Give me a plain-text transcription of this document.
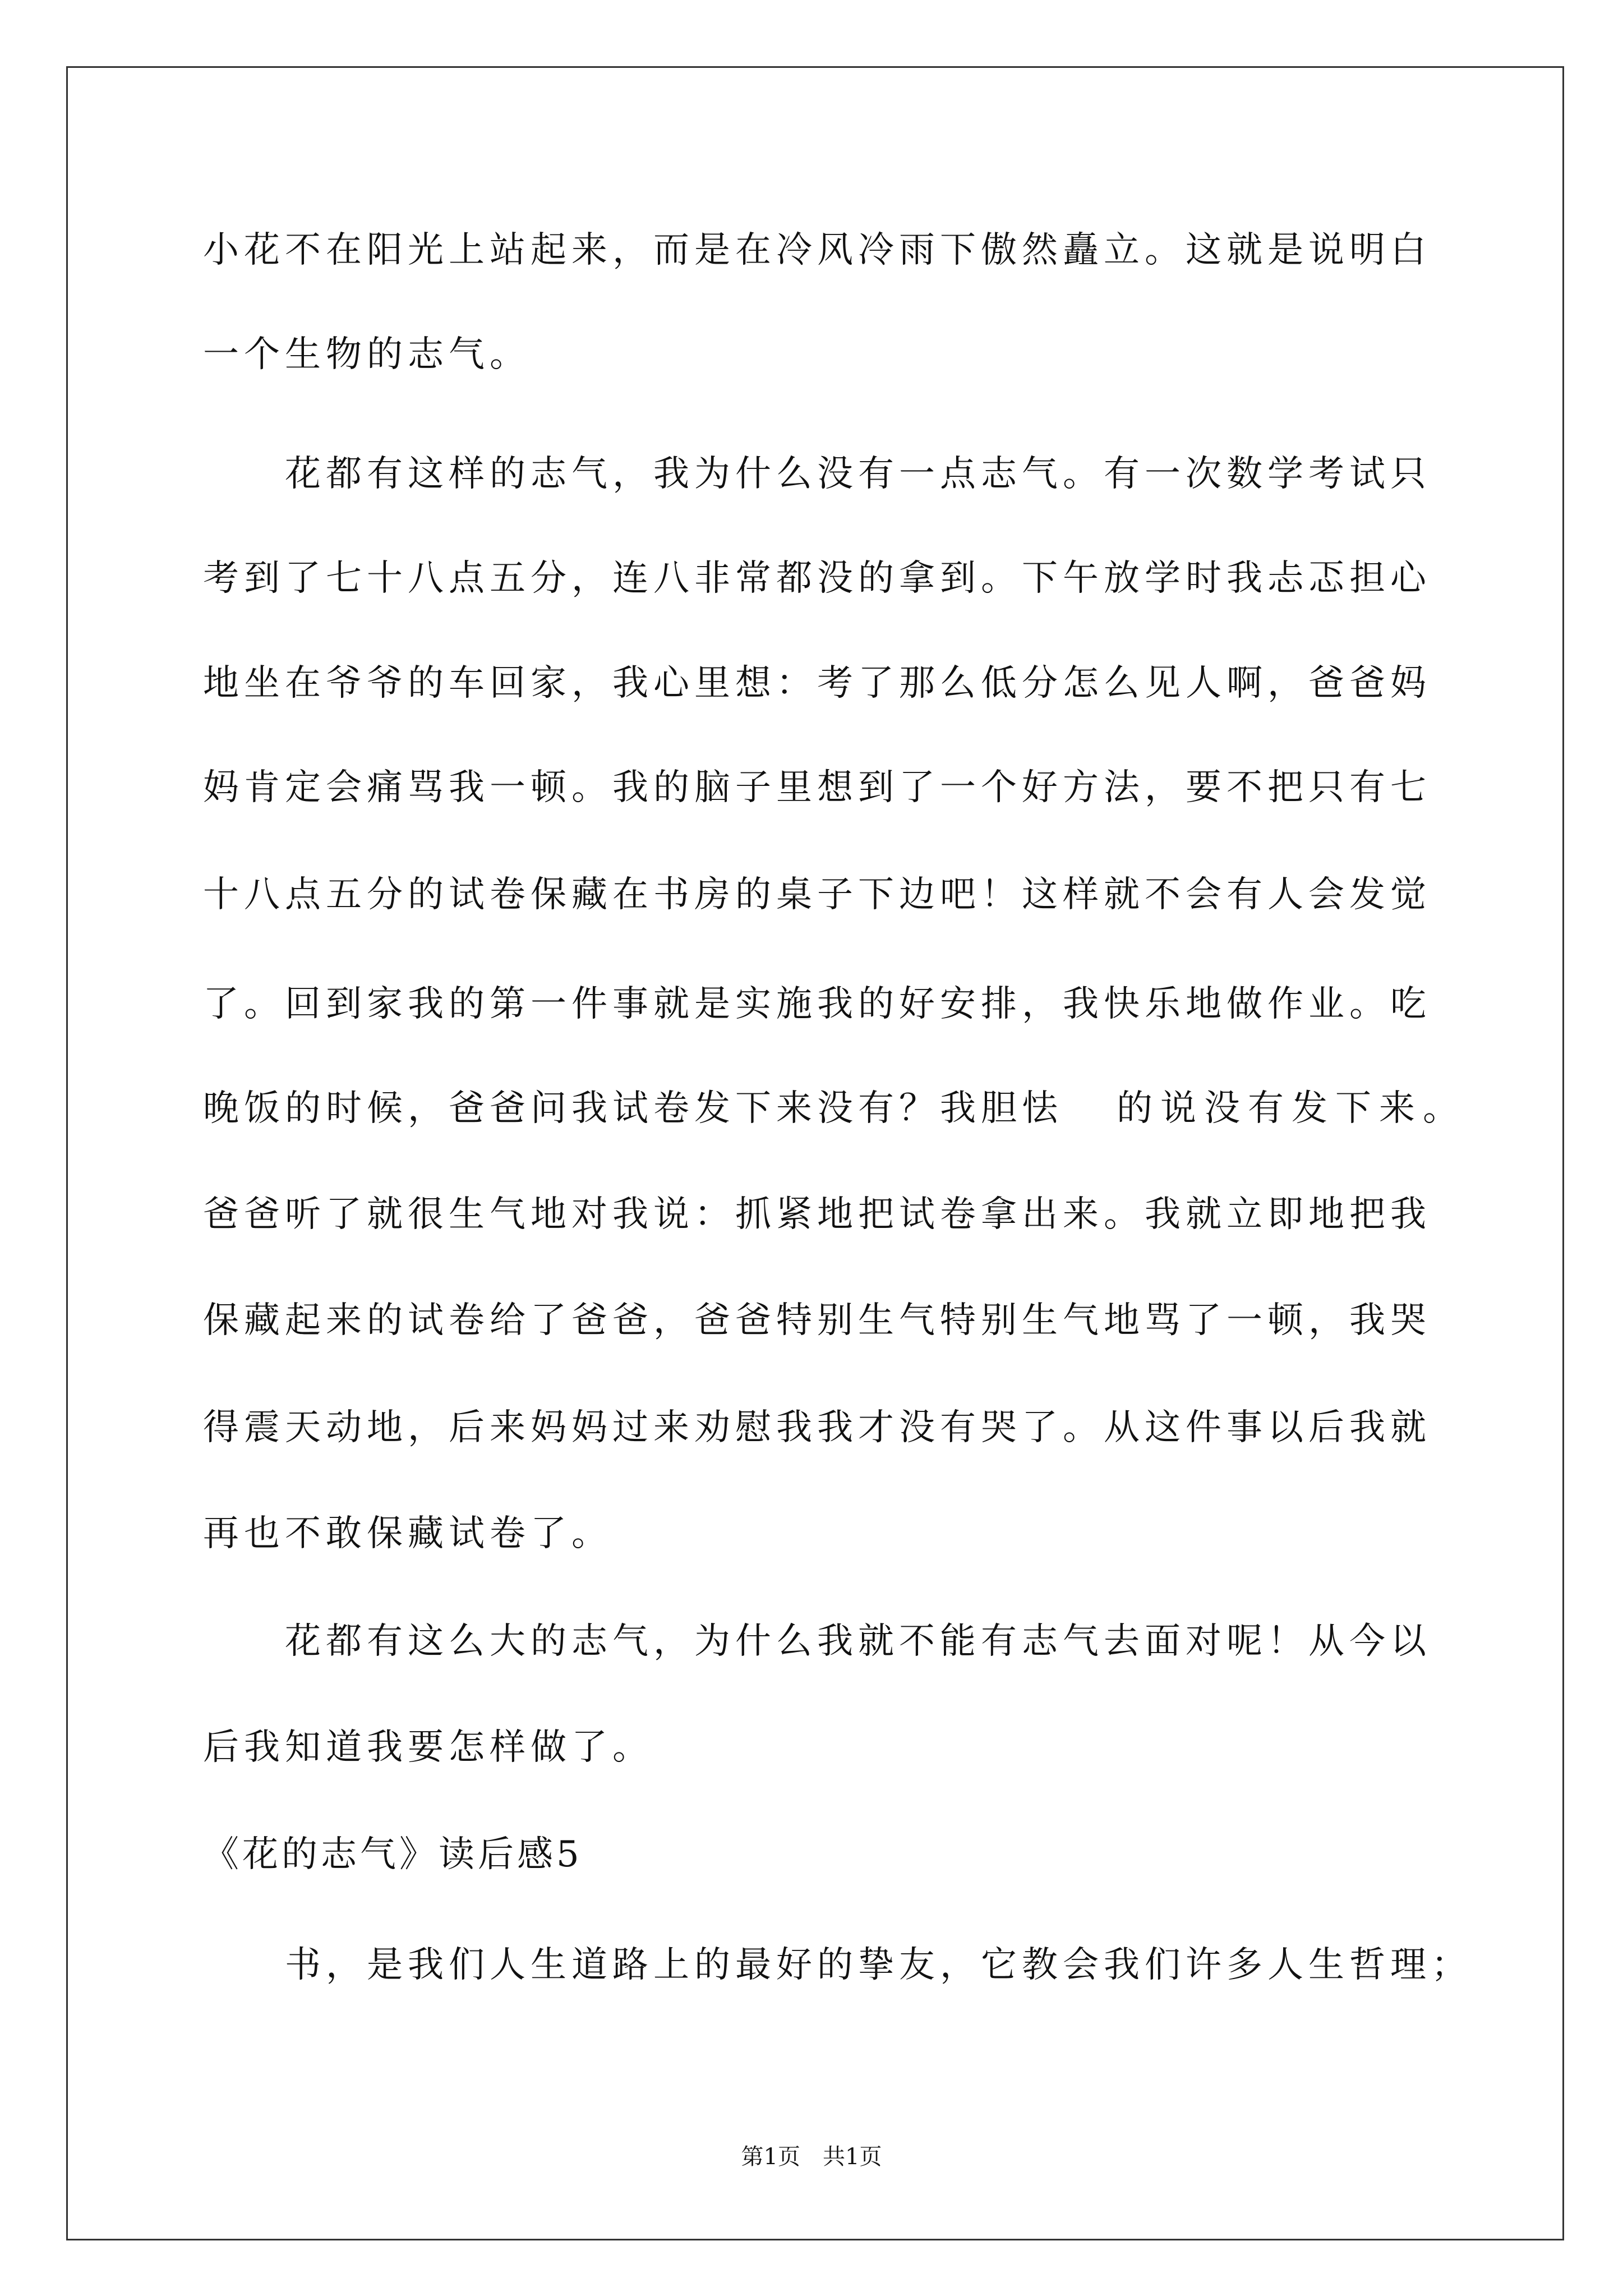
小花不在阳光上站起来，而是在冷风冷雨下傲然矗立。这就是说明白
一个生物的志气。
花都有这样的志气，我为什么没有一点志气。有一次数学考试只
考到了七十八点五分，连八非常都没的拿到。下午放学时我忐忑担心
地坐在爷爷的车回家，我心里想：考了那么低分怎么见人啊，爸爸妈
妈肯定会痛骂我一顿。我的脑子里想到了一个好方法，要不把只有七
十八点五分的试卷保藏在书房的桌子下边吧！这样就不会有人会发觉
了。回到家我的第一件事就是实施我的好安排，我快乐地做作业。吃
晚饭的时候，爸爸问我试卷发下来没有？我胆怯 的说没有发下来。
爸爸听了就很生气地对我说：抓紧地把试卷拿出来。我就立即地把我
保藏起来的试卷给了爸爸，爸爸特别生气特别生气地骂了一顿，我哭
得震天动地，后来妈妈过来劝慰我我才没有哭了。从这件事以后我就
再也不敢保藏试卷了。
花都有这么大的志气，为什么我就不能有志气去面对呢！从今以
后我知道我要怎样做了。
《花的志气》读后感5
书，是我们人生道路上的最好的挚友，它教会我们许多人生哲理；
第1页　共1页
